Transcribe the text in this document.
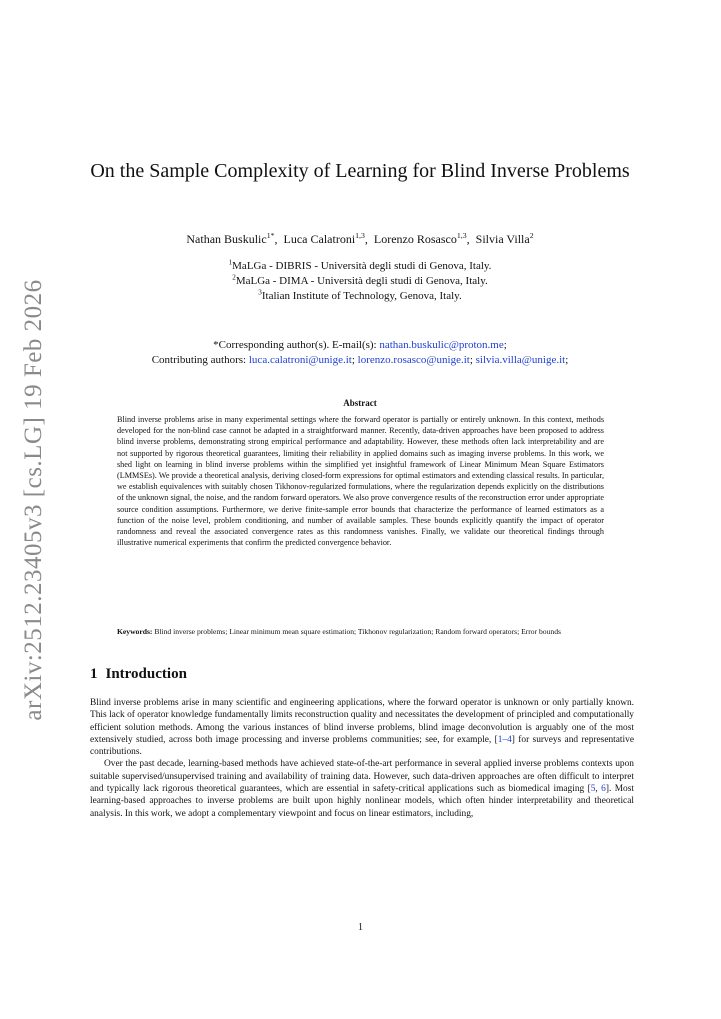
arXiv:2512.23405v3 [cs.LG] 19 Feb 2026
On the Sample Complexity of Learning for Blind Inverse Problems
Nathan Buskulic$^{1*}$,  Luca Calatroni$^{1,3}$,  Lorenzo Rosasco$^{1,3}$,  Silvia Villa$^2$
$^1$MaLGa - DIBRIS - Università degli studi di Genova, Italy.
$^2$MaLGa - DIMA - Università degli studi di Genova, Italy.
$^3$Italian Institute of Technology, Genova, Italy.
*Corresponding author(s). E-mail(s): nathan.buskulic@proton.me;
Contributing authors: luca.calatroni@unige.it; lorenzo.rosasco@unige.it; silvia.villa@unige.it;
Abstract
Blind inverse problems arise in many experimental settings where the forward operator is partially or entirely unknown. In this context, methods developed for the non-blind case cannot be adapted in a straightforward manner. Recently, data-driven approaches have been proposed to address blind inverse problems, demonstrating strong empirical performance and adaptability. However, these methods often lack interpretability and are not supported by rigorous theoretical guarantees, limiting their reliability in applied domains such as imaging inverse problems. In this work, we shed light on learning in blind inverse problems within the simplified yet insightful framework of Linear Minimum Mean Square Estimators (LMMSEs). We provide a theoretical analysis, deriving closed-form expressions for optimal estimators and extending classical results. In particular, we establish equivalences with suitably chosen Tikhonov-regularized formulations, where the regularization depends explicitly on the distributions of the unknown signal, the noise, and the random forward operators. We also prove convergence results of the reconstruction error under appropriate source condition assumptions. Furthermore, we derive finite-sample error bounds that characterize the performance of learned estimators as a function of the noise level, problem conditioning, and number of available samples. These bounds explicitly quantify the impact of operator randomness and reveal the associated convergence rates as this randomness vanishes. Finally, we validate our theoretical findings through illustrative numerical experiments that confirm the predicted convergence behavior.
Keywords: Blind inverse problems; Linear minimum mean square estimation; Tikhonov regularization; Random forward operators; Error bounds
1 Introduction

Blind inverse problems arise in many scientific and engineering applications, where the forward operator is unknown or only partially known. This lack of operator knowledge fundamentally limits reconstruction quality and necessitates the development of principled and computationally efficient solution methods. Among the various instances of blind inverse problems, blind image deconvolution is arguably one of the most extensively studied, across both image processing and inverse problems communities; see, for example, [1–4] for surveys and representative contributions.

Over the past decade, learning-based methods have achieved state-of-the-art performance in several applied inverse problems contexts upon suitable supervised/unsupervised training and availability of training data. However, such data-driven approaches are often difficult to interpret and typically lack rigorous theoretical guarantees, which are essential in safety-critical applications such as biomedical imaging [5, 6]. Most learning-based approaches to inverse problems are built upon highly nonlinear models, which often hinder interpretability and theoretical analysis. In this work, we adopt a complementary viewpoint and focus on linear estimators, including,

1
